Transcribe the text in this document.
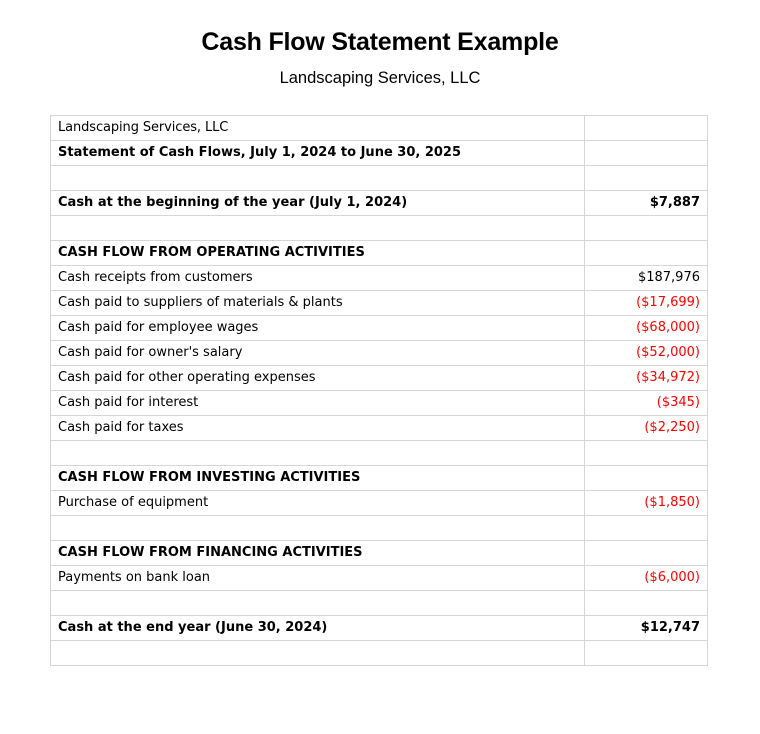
Cash Flow Statement Example
Landscaping Services, LLC
Landscaping Services, LLC	
Statement of Cash Flows, July 1, 2024 to June 30, 2025	

Cash at the beginning of the year (July 1, 2024)	$7,887

CASH FLOW FROM OPERATING ACTIVITIES	
Cash receipts from customers	$187,976
Cash paid to suppliers of materials & plants	($17,699)
Cash paid for employee wages	($68,000)
Cash paid for owner's salary	($52,000)
Cash paid for other operating expenses	($34,972)
Cash paid for interest	($345)
Cash paid for taxes	($2,250)

CASH FLOW FROM INVESTING ACTIVITIES	
Purchase of equipment	($1,850)

CASH FLOW FROM FINANCING ACTIVITIES	
Payments on bank loan	($6,000)

Cash at the end year (June 30, 2024)	$12,747
